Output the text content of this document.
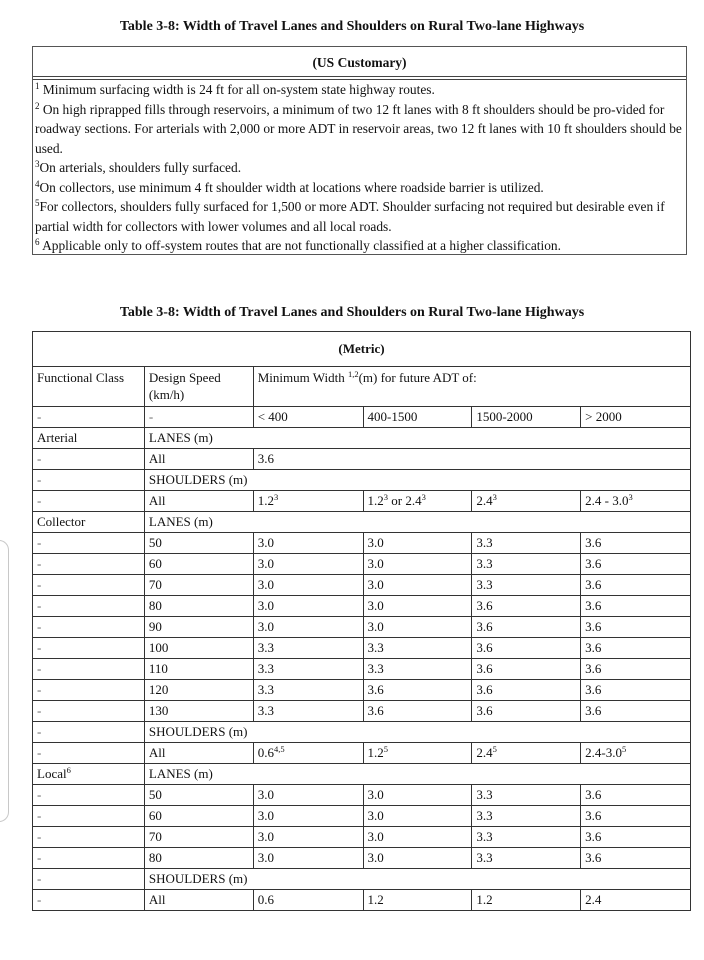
Table 3-8: Width of Travel Lanes and Shoulders on Rural Two-lane Highways
(US Customary)

$^1$ Minimum surfacing width is 24 ft for all on-system state highway routes.

$^2$ On high riprapped fills through reservoirs, a minimum of two 12 ft lanes with 8 ft shoulders should be pro-vided for roadway sections. For arterials with 2,000 or more ADT in reservoir areas, two 12 ft lanes with 10 ft shoulders should be used.

$^3$On arterials, shoulders fully surfaced.

$^4$On collectors, use minimum 4 ft shoulder width at locations where roadside barrier is utilized.

$^5$For collectors, shoulders fully surfaced for 1,500 or more ADT. Shoulder surfacing not required but desirable even if partial width for collectors with lower volumes and all local roads.

$^6$ Applicable only to off-system routes that are not functionally classified at a higher classification.

Table 3-8: Width of Travel Lanes and Shoulders on Rural Two-lane Highways
(Metric)					
Functional Class	Design Speed (km/h)	Minimum Width $^{1,2}$(m) for future ADT of:			
-	-	< 400	400-1500	1500-2000	> 2000
Arterial	LANES (m)				
-	All	3.6			
-	SHOULDERS (m)				
-	All	$1.2^3$	$1.2^3$ or $2.4^3$	$2.4^3$	$2.4 - 3.0^3$
Collector	LANES (m)				
-	50	3.0	3.0	3.3	3.6
-	60	3.0	3.0	3.3	3.6
-	70	3.0	3.0	3.3	3.6
-	80	3.0	3.0	3.6	3.6
-	90	3.0	3.0	3.6	3.6
-	100	3.3	3.3	3.6	3.6
-	110	3.3	3.3	3.6	3.6
-	120	3.3	3.6	3.6	3.6
-	130	3.3	3.6	3.6	3.6
-	SHOULDERS (m)				
-	All	0.6$^{4,5}$	$1.2^5$	$2.4^5$	$2.4-3.0^5$
Local$^6$	LANES (m)				
-	50	3.0	3.0	3.3	3.6
-	60	3.0	3.0	3.3	3.6
-	70	3.0	3.0	3.3	3.6
-	80	3.0	3.0	3.3	3.6
-	SHOULDERS (m)				
-	All	0.6	1.2	1.2	2.4
